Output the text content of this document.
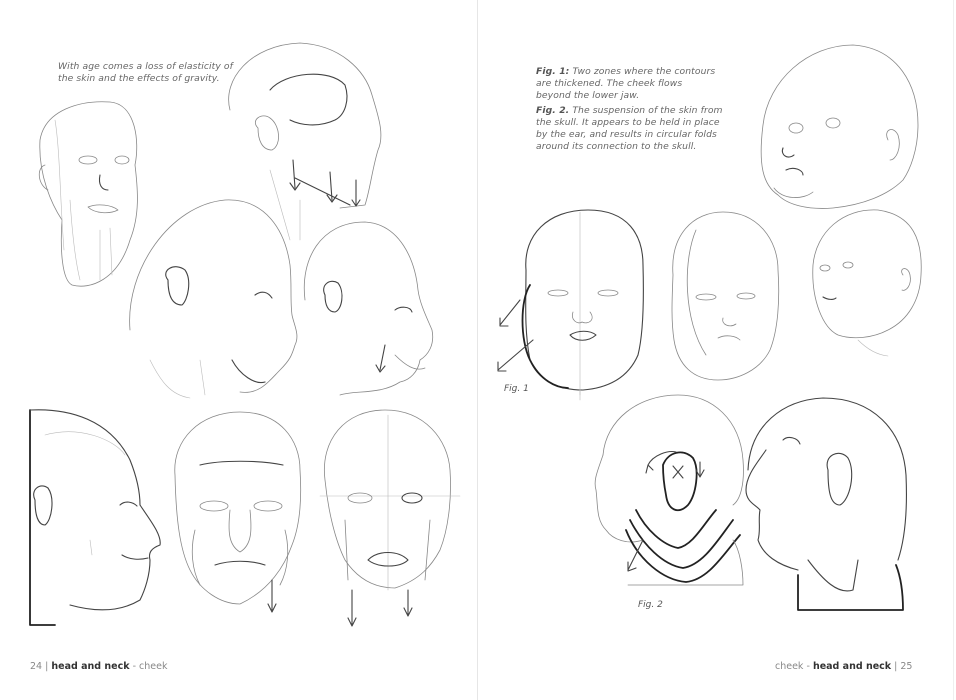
With age comes a loss of elasticity of
the skin and the effects of gravity.
24 | head and neck - cheek

Fig. 1: Two zones where the contours
are thickened. The cheek flows
beyond the lower jaw.

Fig. 2. The suspension of the skin from
the skull. It appears to be held in place
by the ear, and results in circular folds
around its connection to the skull.

Fig. 1
Fig. 2
cheek - head and neck | 25
